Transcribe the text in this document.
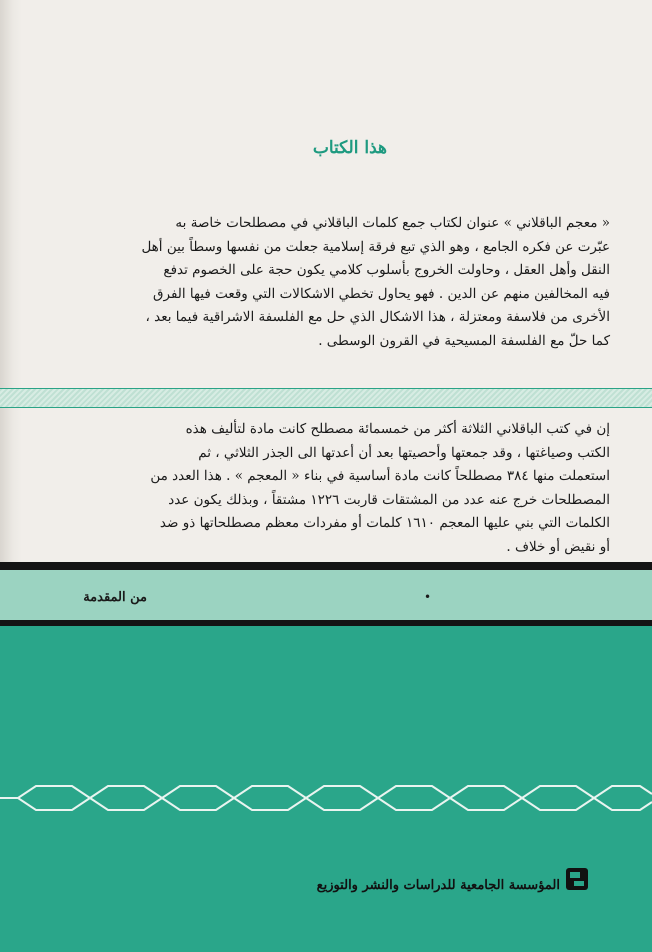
هذا الكتاب
« معجم الباقلاني » عنوان لكتاب جمع كلمات الباقلاني في مصطلحات خاصة به
عبّرت عن فكره الجامع ، وهو الذي تبع فرقة إسلامية جعلت من نفسها وسطاً بين أهل
النقل وأهل العقل ، وحاولت الخروج بأسلوب كلامي يكون حجة على الخصوم تدفع
فيه المخالفين منهم عن الدين . فهو يحاول تخطي الاشكالات التي وقعت فيها الفرق
الأخرى من فلاسفة ومعتزلة ، هذا الاشكال الذي حل مع الفلسفة الاشراقية فيما بعد ،
كما حلّ مع الفلسفة المسيحية في القرون الوسطى .
إن في كتب الباقلاني الثلاثة أكثر من خمسمائة مصطلح كانت مادة لتأليف هذه
الكتب وصياغتها ، وقد جمعتها وأحصيتها بعد أن أعدتها الى الجذر الثلاثي ، ثم
استعملت منها ٣٨٤ مصطلحاً كانت مادة أساسية في بناء « المعجم » . هذا العدد من
المصطلحات خرج عنه عدد من المشتقات قاربت ١٢٢٦ مشتقاً ، وبذلك يكون عدد
الكلمات التي بني عليها المعجم ١٦١٠ كلمات أو مفردات معظم مصطلحاتها ذو ضد
أو نقيض أو خلاف .
من المقدمة	•
المؤسسة الجامعية للدراسات والنشر والتوزيع
